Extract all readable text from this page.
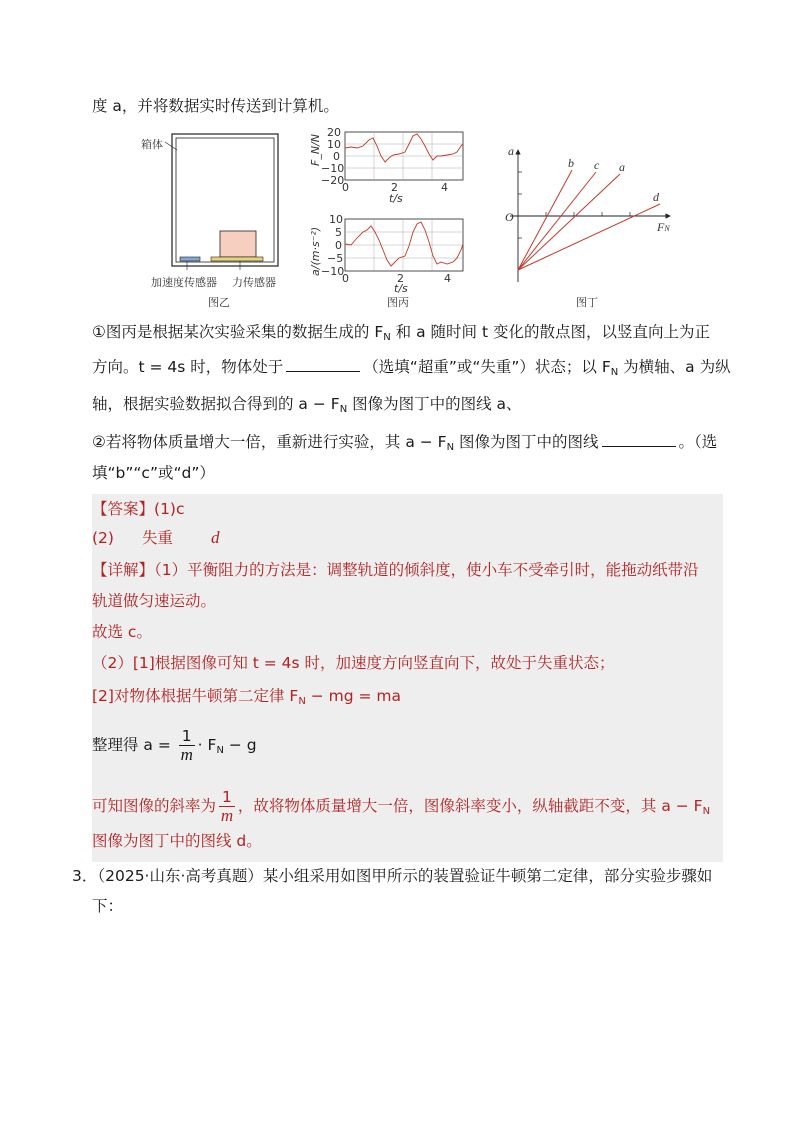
度 a，并将数据实时传送到计算机。
箱体
加速度传感器 力传感器
图乙
F_N/N
20
10
0
−10
−20
0	2	4
t/s
a/(m·s⁻²)
10
5
0
−5
−10
0	2	4
t/s
图丙
a
FN
O
b c a
d
图丁
①图丙是根据某次实验采集的数据生成的 $F_N$ 和 a 随时间 t 变化的散点图，以竖直向上为正
方向。t = 4s 时，物体处于	（选填“超重”或“失重”）状态；以 $F_N$ 为横轴、a 为纵
轴，根据实验数据拟合得到的 $a - F_N$ 图像为图丁中的图线 a、
②若将物体质量增大一倍，重新进行实验，其 $a - F_N$ 图像为图丁中的图线	。（选
填“b”“c”或“d”）
【答案】(1)c
(2) 失重 d
【详解】（1）平衡阻力的方法是：调整轨道的倾斜度，使小车不受牵引时，能拖动纸带沿
轨道做匀速运动。
故选 c。
（2）[1]根据图像可知 t = 4s 时，加速度方向竖直向下，故处于失重状态；
[2]对物体根据牛顿第二定律 $F_N$ − mg = ma
整理得 $a = \frac{1}{m} \cdot F_N - g$
可知图像的斜率为 $\frac{1}{m}$ ，故将物体质量增大一倍，图像斜率变小，纵轴截距不变，其 $a - F_N$
图像为图丁中的图线 d。
3．（2025·山东·高考真题）某小组采用如图甲所示的装置验证牛顿第二定律，部分实验步骤如
下：
